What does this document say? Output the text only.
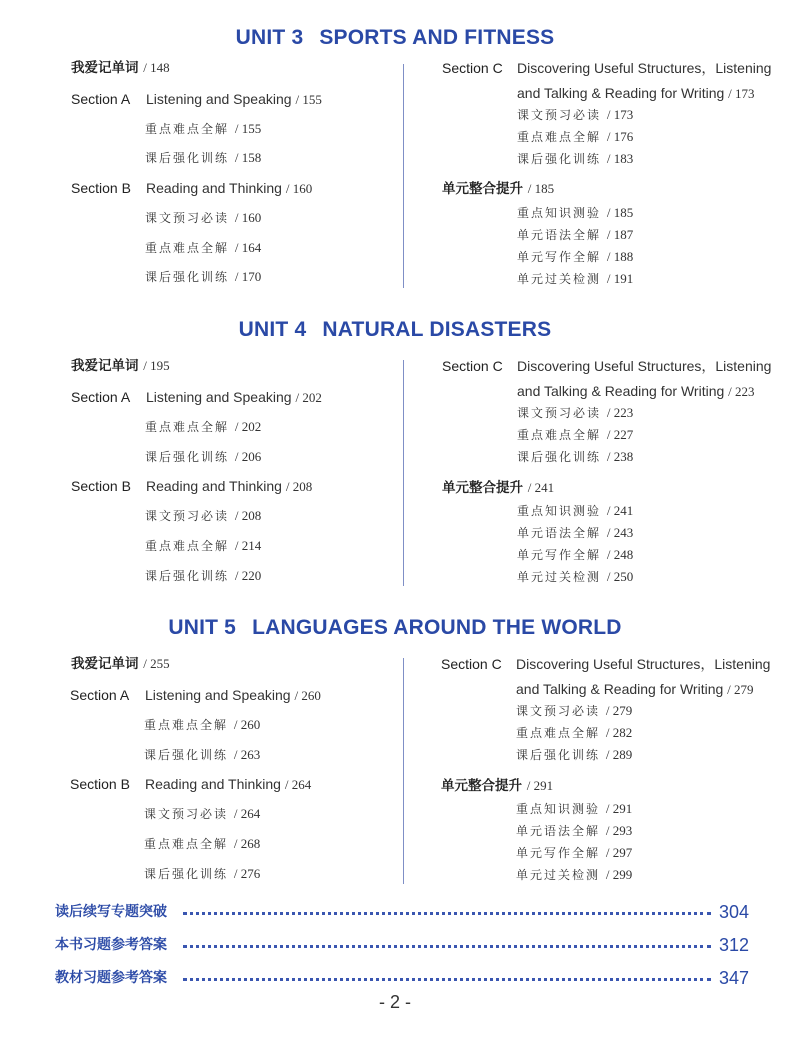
UNIT 3 SPORTS AND FITNESS
我爱记单词 / 148
Section A Listening and Speaking / 155
重点难点全解 / 155
课后强化训练 / 158
Section B Reading and Thinking / 160
课文预习必读 / 160
重点难点全解 / 164
课后强化训练 / 170
Section C Discovering Useful Structures，Listening
and Talking & Reading for Writing / 173
课文预习必读 / 173
重点难点全解 / 176
课后强化训练 / 183
单元整合提升 / 185
重点知识测验 / 185
单元语法全解 / 187
单元写作全解 / 188
单元过关检测 / 191
UNIT 4 NATURAL DISASTERS
我爱记单词 / 195
Section A Listening and Speaking / 202
重点难点全解 / 202
课后强化训练 / 206
Section B Reading and Thinking / 208
课文预习必读 / 208
重点难点全解 / 214
课后强化训练 / 220
Section C Discovering Useful Structures，Listening
and Talking & Reading for Writing / 223
课文预习必读 / 223
重点难点全解 / 227
课后强化训练 / 238
单元整合提升 / 241
重点知识测验 / 241
单元语法全解 / 243
单元写作全解 / 248
单元过关检测 / 250
UNIT 5 LANGUAGES AROUND THE WORLD
我爱记单词 / 255
Section A Listening and Speaking / 260
重点难点全解 / 260
课后强化训练 / 263
Section B Reading and Thinking / 264
课文预习必读 / 264
重点难点全解 / 268
课后强化训练 / 276
Section C Discovering Useful Structures，Listening
and Talking & Reading for Writing / 279
课文预习必读 / 279
重点难点全解 / 282
课后强化训练 / 289
单元整合提升 / 291
重点知识测验 / 291
单元语法全解 / 293
单元写作全解 / 297
单元过关检测 / 299
读后续写专题突破	304
本书习题参考答案	312
教材习题参考答案	347
- 2 -
